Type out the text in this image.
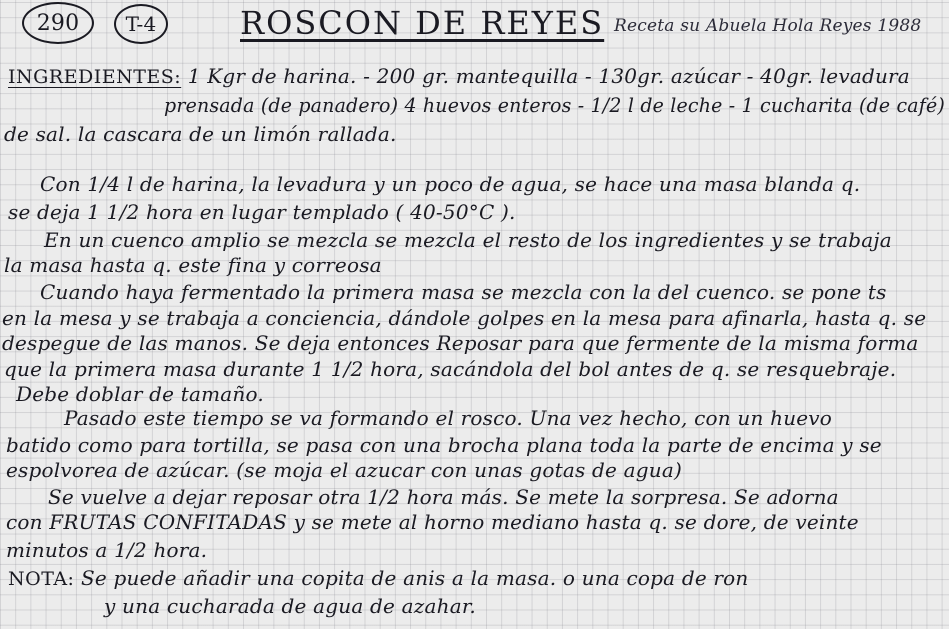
290 T-4	ROSCON DE REYES Receta su Abuela Hola Reyes 1988
INGREDIENTES: 1 Kgr de harina. - 200 gr. mantequilla - 130gr. azúcar - 40gr. levadura
prensada (de panadero) 4 huevos enteros - 1/2 l de leche - 1 cucharita (de café)
de sal. la cascara de un limón rallada.
Con 1/4 l de harina, la levadura y un poco de agua, se hace una masa blanda q.
se deja 1 1/2 hora en lugar templado ( 40-50°C ).
En un cuenco amplio se mezcla se mezcla el resto de los ingredientes y se trabaja
la masa hasta q. este fina y correosa
Cuando haya fermentado la primera masa se mezcla con la del cuenco. se pone ts
en la mesa y se trabaja a conciencia, dándole golpes en la mesa para afinarla, hasta q. se
despegue de las manos. Se deja entonces Reposar para que fermente de la misma forma
que la primera masa durante 1 1/2 hora, sacándola del bol antes de q. se resquebraje.
Debe doblar de tamaño.
Pasado este tiempo se va formando el rosco. Una vez hecho, con un huevo
batido como para tortilla, se pasa con una brocha plana toda la parte de encima y se
espolvorea de azúcar. (se moja el azucar con unas gotas de agua)
Se vuelve a dejar reposar otra 1/2 hora más. Se mete la sorpresa. Se adorna
con FRUTAS CONFITADAS y se mete al horno mediano hasta q. se dore, de veinte
minutos a 1/2 hora.
NOTA: Se puede añadir una copita de anis a la masa. o una copa de ron
y una cucharada de agua de azahar.
